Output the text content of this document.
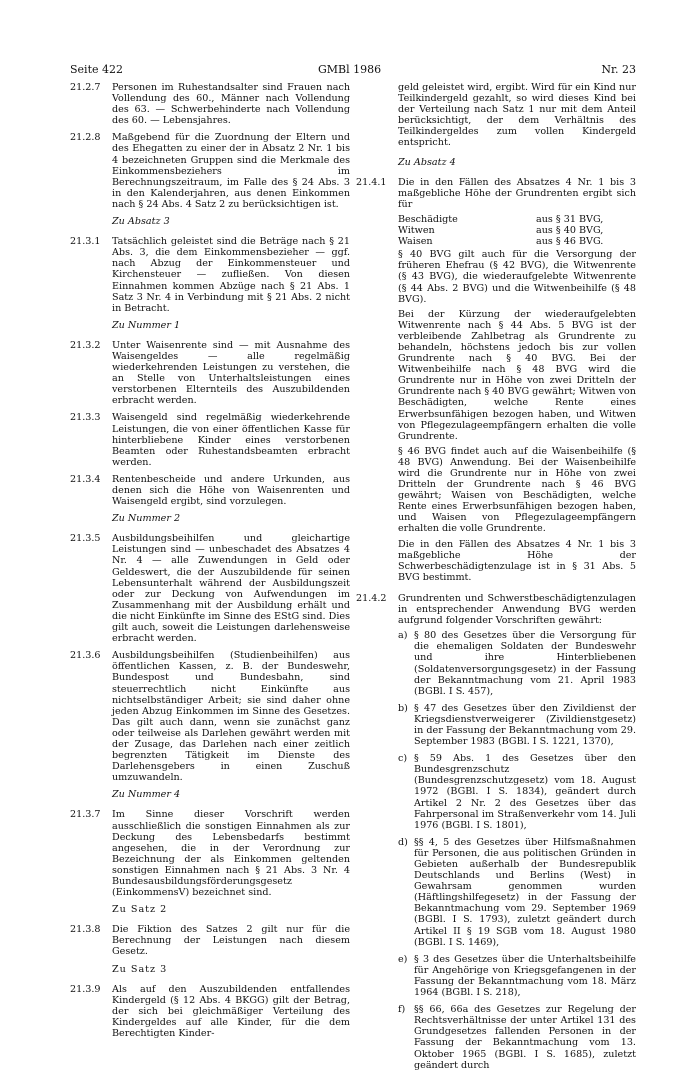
Seite 422	GMBl 1986	Nr. 23
21.2.7	Personen im Ruhestandsalter sind Frauen nach Vollendung des 60., Männer nach Vollendung des 63. — Schwerbehinderte nach Vollendung des 60. — Lebensjahres.
21.2.8	Maßgebend für die Zuordnung der Eltern und des Ehegatten zu einer der in Absatz 2 Nr. 1 bis 4 bezeichneten Gruppen sind die Merkmale des Einkommensbeziehers im Berechnungszeitraum, im Falle des § 24 Abs. 3 in den Kalenderjahren, aus denen Einkommen nach § 24 Abs. 4 Satz 2 zu berücksichtigen ist.
Zu Absatz 3
21.3.1	Tatsächlich geleistet sind die Beträge nach § 21 Abs. 3, die dem Einkommensbezieher — ggf. nach Abzug der Einkommensteuer und Kirchensteuer — zufließen. Von diesen Einnahmen kommen Abzüge nach § 21 Abs. 1 Satz 3 Nr. 4 in Verbindung mit § 21 Abs. 2 nicht in Betracht.
Zu Nummer 1
21.3.2	Unter Waisenrente sind — mit Ausnahme des Waisengeldes — alle regelmäßig wiederkehrenden Leistungen zu verstehen, die an Stelle von Unterhaltsleistungen eines verstorbenen Elternteils des Auszubildenden erbracht werden.
21.3.3	Waisengeld sind regelmäßig wiederkehrende Leistungen, die von einer öffentlichen Kasse für hinterbliebene Kinder eines verstorbenen Beamten oder Ruhestandsbeamten erbracht werden.
21.3.4	Rentenbescheide und andere Urkunden, aus denen sich die Höhe von Waisenrenten und Waisengeld ergibt, sind vorzulegen.
Zu Nummer 2
21.3.5	Ausbildungsbeihilfen und gleichartige Leistungen sind — unbeschadet des Absatzes 4 Nr. 4 — alle Zuwendungen in Geld oder Geldeswert, die der Auszubildende für seinen Lebensunterhalt während der Ausbildungszeit oder zur Deckung von Aufwendungen im Zusammenhang mit der Ausbildung erhält und die nicht Einkünfte im Sinne des EStG sind. Dies gilt auch, soweit die Leistungen darlehensweise erbracht werden.
21.3.6	Ausbildungsbeihilfen (Studienbeihilfen) aus öffentlichen Kassen, z. B. der Bundeswehr, Bundespost und Bundesbahn, sind steuerrechtlich nicht Einkünfte aus nichtselbständiger Arbeit; sie sind daher ohne jeden Abzug Einkommen im Sinne des Gesetzes. Das gilt auch dann, wenn sie zunächst ganz oder teilweise als Darlehen gewährt werden mit der Zusage, das Darlehen nach einer zeitlich begrenzten Tätigkeit im Dienste des Darlehensgebers in einen Zuschuß umzuwandeln.
Zu Nummer 4
21.3.7	Im Sinne dieser Vorschrift werden ausschließlich die sonstigen Einnahmen als zur Deckung des Lebensbedarfs bestimmt angesehen, die in der Verordnung zur Bezeichnung der als Einkommen geltenden sonstigen Einnahmen nach § 21 Abs. 3 Nr. 4 Bundesausbildungsförderungsgesetz (EinkommensV) bezeichnet sind.
Zu Satz 2
21.3.8	Die Fiktion des Satzes 2 gilt nur für die Berechnung der Leistungen nach diesem Gesetz.
Zu Satz 3
21.3.9	Als auf den Auszubildenden entfallendes Kindergeld (§ 12 Abs. 4 BKGG) gilt der Betrag, der sich bei gleichmäßiger Verteilung des Kindergeldes auf alle Kinder, für die dem Berechtigten Kinder-
geld geleistet wird, ergibt. Wird für ein Kind nur Teilkindergeld gezahlt, so wird dieses Kind bei der Verteilung nach Satz 1 nur mit dem Anteil berücksichtigt, der dem Verhältnis des Teilkindergeldes zum vollen Kindergeld entspricht.
Zu Absatz 4
21.4.1	Die in den Fällen des Absatzes 4 Nr. 1 bis 3 maßgebliche Höhe der Grundrenten ergibt sich für

Beschädigte	aus § 31 BVG,
Witwen	aus § 40 BVG,
Waisen	aus § 46 BVG.

§ 40 BVG gilt auch für die Versorgung der früheren Ehefrau (§ 42 BVG), die Witwenrente (§ 43 BVG), die wiederaufgelebte Witwenrente (§ 44 Abs. 2 BVG) und die Witwenbeihilfe (§ 48 BVG).

Bei der Kürzung der wiederaufgelebten Witwenrente nach § 44 Abs. 5 BVG ist der verbleibende Zahlbetrag als Grundrente zu behandeln, höchstens jedoch bis zur vollen Grundrente nach § 40 BVG. Bei der Witwenbeihilfe nach § 48 BVG wird die Grundrente nur in Höhe von zwei Dritteln der Grundrente nach § 40 BVG gewährt; Witwen von Beschädigten, welche Rente eines Erwerbsunfähigen bezogen haben, und Witwen von Pflegezulageempfängern erhalten die volle Grundrente.

§ 46 BVG findet auch auf die Waisenbeihilfe (§ 48 BVG) Anwendung. Bei der Waisenbeihilfe wird die Grundrente nur in Höhe von zwei Dritteln der Grundrente nach § 46 BVG gewährt; Waisen von Beschädigten, welche Rente eines Erwerbsunfähigen bezogen haben, und Waisen von Pflegezulageempfängern erhalten die volle Grundrente.

Die in den Fällen des Absatzes 4 Nr. 1 bis 3 maßgebliche Höhe der Schwerbeschädigtenzulage ist in § 31 Abs. 5 BVG bestimmt.

21.4.2	Grundrenten und Schwerstbeschädigtenzulagen in entsprechender Anwendung BVG werden aufgrund folgender Vorschriften gewährt:

a) § 80 des Gesetzes über die Versorgung für die ehemaligen Soldaten der Bundeswehr und ihre Hinterbliebenen (Soldatenversorgungsgesetz) in der Fassung der Bekanntmachung vom 21. April 1983 (BGBl. I S. 457),
b) § 47 des Gesetzes über den Zivildienst der Kriegsdienstverweigerer (Zivildienstgesetz) in der Fassung der Bekanntmachung vom 29. September 1983 (BGBl. I S. 1221, 1370),
c) § 59 Abs. 1 des Gesetzes über den Bundesgrenzschutz (Bundesgrenzschutzgesetz) vom 18. August 1972 (BGBl. I S. 1834), geändert durch Artikel 2 Nr. 2 des Gesetzes über das Fahrpersonal im Straßenverkehr vom 14. Juli 1976 (BGBl. I S. 1801),
d) §§ 4, 5 des Gesetzes über Hilfsmaßnahmen für Personen, die aus politischen Gründen in Gebieten außerhalb der Bundesrepublik Deutschlands und Berlins (West) in Gewahrsam genommen wurden (Häftlingshilfegesetz) in der Fassung der Bekanntmachung vom 29. September 1969 (BGBl. I S. 1793), zuletzt geändert durch Artikel II § 19 SGB vom 18. August 1980 (BGBl. I S. 1469),
e) § 3 des Gesetzes über die Unterhaltsbeihilfe für Angehörige von Kriegsgefangenen in der Fassung der Bekanntmachung vom 18. März 1964 (BGBl. I S. 218),
f) §§ 66, 66a des Gesetzes zur Regelung der Rechtsverhältnisse der unter Artikel 131 des Grundgesetzes fallenden Personen in der Fassung der Bekanntmachung vom 13. Oktober 1965 (BGBl. I S. 1685), zuletzt geändert durch
